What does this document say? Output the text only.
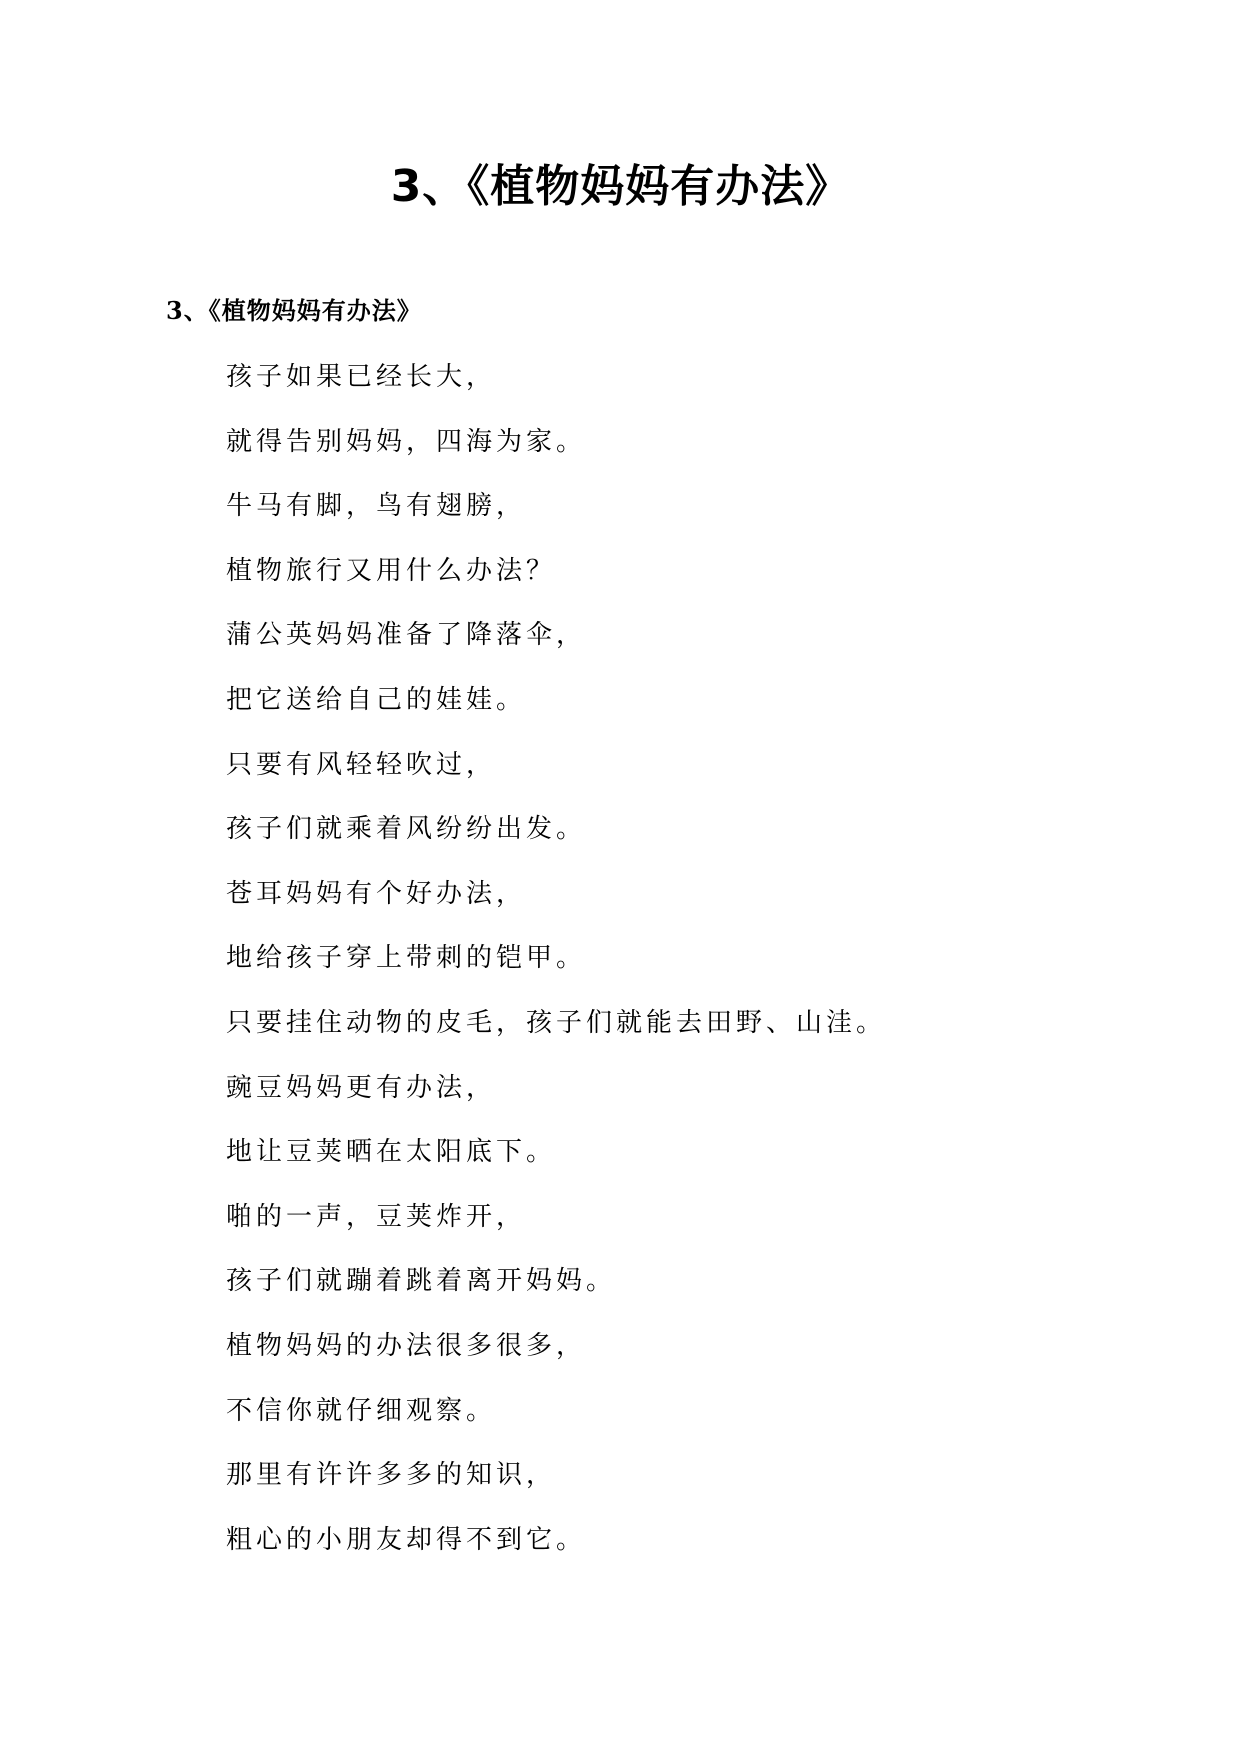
3、《植物妈妈有办法》
3、《植物妈妈有办法》
孩子如果已经长大，
就得告别妈妈，四海为家。
牛马有脚，鸟有翅膀，
植物旅行又用什么办法？
蒲公英妈妈准备了降落伞，
把它送给自己的娃娃。
只要有风轻轻吹过，
孩子们就乘着风纷纷出发。
苍耳妈妈有个好办法，
地给孩子穿上带刺的铠甲。
只要挂住动物的皮毛，孩子们就能去田野、山洼。
豌豆妈妈更有办法，
地让豆荚晒在太阳底下。
啪的一声，豆荚炸开，
孩子们就蹦着跳着离开妈妈。
植物妈妈的办法很多很多，
不信你就仔细观察。
那里有许许多多的知识，
粗心的小朋友却得不到它。
